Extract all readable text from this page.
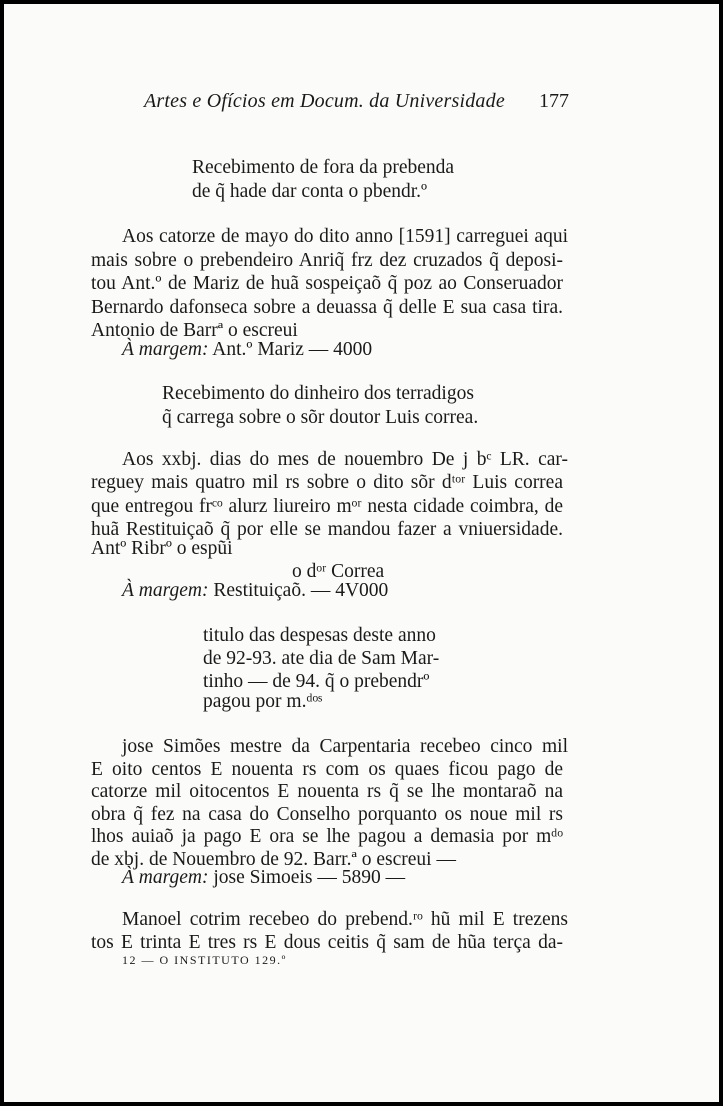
Artes e Ofícios em Docum. da Universidade 177
Recebimento de fora da prebenda
de q̃ hade dar conta o pbendr.º
Aos catorze de mayo do dito anno [1591] carreguei aqui
mais sobre o prebendeiro Anriq̃ frz dez cruzados q̃ deposi-
tou Ant.º de Mariz de huã sospeiçaõ q̃ poz ao Conseruador
Bernardo dafonseca sobre a deuassa q̃ delle E sua casa tira.
Antonio de Barrª o escreui
À margem: Ant.º Mariz — 4000
Recebimento do dinheiro dos terradigos
q̃ carrega sobre o sõr doutor Luis correa.
Aos xxbj. dias do mes de nouembro De j bᶜ LR. car-
reguey mais quatro mil rs sobre o dito sõr dᵗᵒʳ Luis correa
que entregou frᶜᵒ alurz liureiro mᵒʳ nesta cidade coimbra, de
huã Restituiçaõ q̃ por elle se mandou fazer a vniuersidade.
Antº Ribrº o espũi
o dᵒʳ Correa
À margem: Restituiçaõ. — 4V000
titulo das despesas deste anno
de 92-93. ate dia de Sam Mar-
tinho — de 94. q̃ o prebendrº
pagou por m.ᵈᵒˢ
jose Simões mestre da Carpentaria recebeo cinco mil
E oito centos E nouenta rs com os quaes ficou pago de
catorze mil oitocentos E nouenta rs q̃ se lhe montaraõ na
obra q̃ fez na casa do Conselho porquanto os noue mil rs
lhos auiaõ ja pago E ora se lhe pagou a demasia por mᵈᵒ
de xbj. de Nouembro de 92. Barr.ª o escreui —
À margem: jose Simoeis — 5890 —
Manoel cotrim recebeo do prebend.ʳᵒ hũ mil E trezens
tos E trinta E tres rs E dous ceitis q̃ sam de hũa terça da-
12 — O INSTITUTO 129.º
